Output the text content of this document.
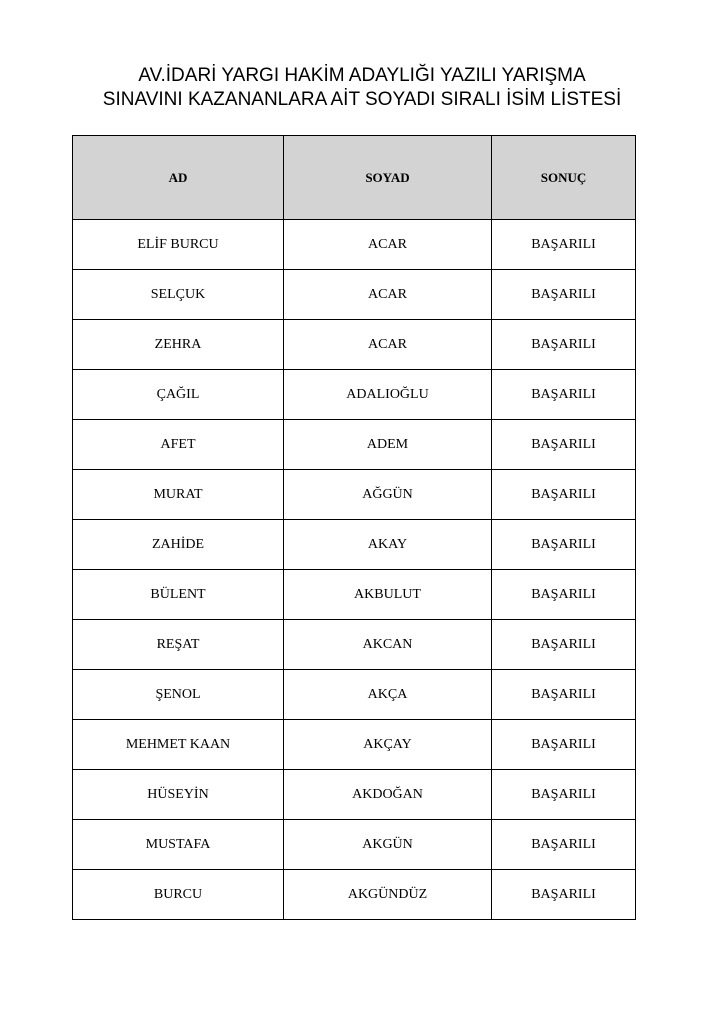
AV.İDARİ YARGI HAKİM ADAYLIĞI YAZILI YARIŞMA
SINAVINI KAZANANLARA AİT SOYADI SIRALI İSİM LİSTESİ
AD	SOYAD	SONUÇ
ELİF BURCU	ACAR	BAŞARILI
SELÇUK	ACAR	BAŞARILI
ZEHRA	ACAR	BAŞARILI
ÇAĞIL	ADALIOĞLU	BAŞARILI
AFET	ADEM	BAŞARILI
MURAT	AĞGÜN	BAŞARILI
ZAHİDE	AKAY	BAŞARILI
BÜLENT	AKBULUT	BAŞARILI
REŞAT	AKCAN	BAŞARILI
ŞENOL	AKÇA	BAŞARILI
MEHMET KAAN	AKÇAY	BAŞARILI
HÜSEYİN	AKDOĞAN	BAŞARILI
MUSTAFA	AKGÜN	BAŞARILI
BURCU	AKGÜNDÜZ	BAŞARILI
